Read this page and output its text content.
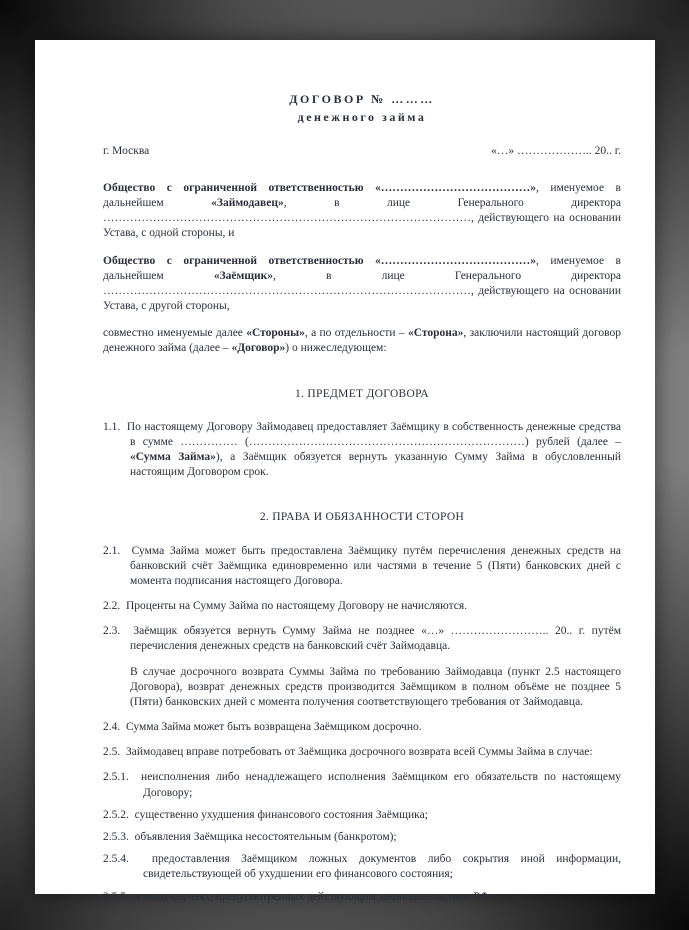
ДОГОВОР № ………
денежного займа
г. Москва	«…» ……………….. 20.. г.

Общество с ограниченной ответственностью «…………………………………», именуемое в дальнейшем «Займодавец», в лице Генерального директора ……………………………………………………………………………………, действующего на основании Устава, с одной стороны, и

Общество с ограниченной ответственностью «…………………………………», именуемое в дальнейшем «Заёмщик», в лице Генерального директора ……………………………………………………………………………………, действующего на основании Устава, с другой стороны,

совместно именуемые далее «Стороны», а по отдельности – «Сторона», заключили настоящий договор денежного займа (далее – «Договор») о нижеследующем:

1. ПРЕДМЕТ ДОГОВОРА

1.1. По настоящему Договору Займодавец предоставляет Заёмщику в собственность денежные средства в сумме …………… (………………………………………………………………) рублей (далее – «Сумма Займа»), а Заёмщик обязуется вернуть указанную Сумму Займа в обусловленный настоящим Договором срок.

2. ПРАВА И ОБЯЗАННОСТИ СТОРОН

2.1. Сумма Займа может быть предоставлена Заёмщику путём перечисления денежных средств на банковский счёт Заёмщика единовременно или частями в течение 5 (Пяти) банковских дней с момента подписания настоящего Договора.

2.2. Проценты на Сумму Займа по настоящему Договору не начисляются.

2.3. Заёмщик обязуется вернуть Сумму Займа не позднее «…» …………………….. 20.. г. путём перечисления денежных средств на банковский счёт Займодавца.

В случае досрочного возврата Суммы Займа по требованию Займодавца (пункт 2.5 настоящего Договора), возврат денежных средств производится Заёмщиком в полном объёме не позднее 5 (Пяти) банковских дней с момента получения соответствующего требования от Займодавца.

2.4. Сумма Займа может быть возвращена Заёмщиком досрочно.

2.5. Займодавец вправе потребовать от Заёмщика досрочного возврата всей Суммы Займа в случае:

2.5.1. неисполнения либо ненадлежащего исполнения Заёмщиком его обязательств по настоящему Договору;

2.5.2. существенно ухудшения финансового состояния Заёмщика;

2.5.3. объявления Заёмщика несостоятельным (банкротом);

2.5.4. предоставления Заёмщиком ложных документов либо сокрытия иной информации, свидетельствующей об ухудшении его финансового состояния;

2.5.5. в иных случаях, предусмотренных действующим законодательством РФ.
